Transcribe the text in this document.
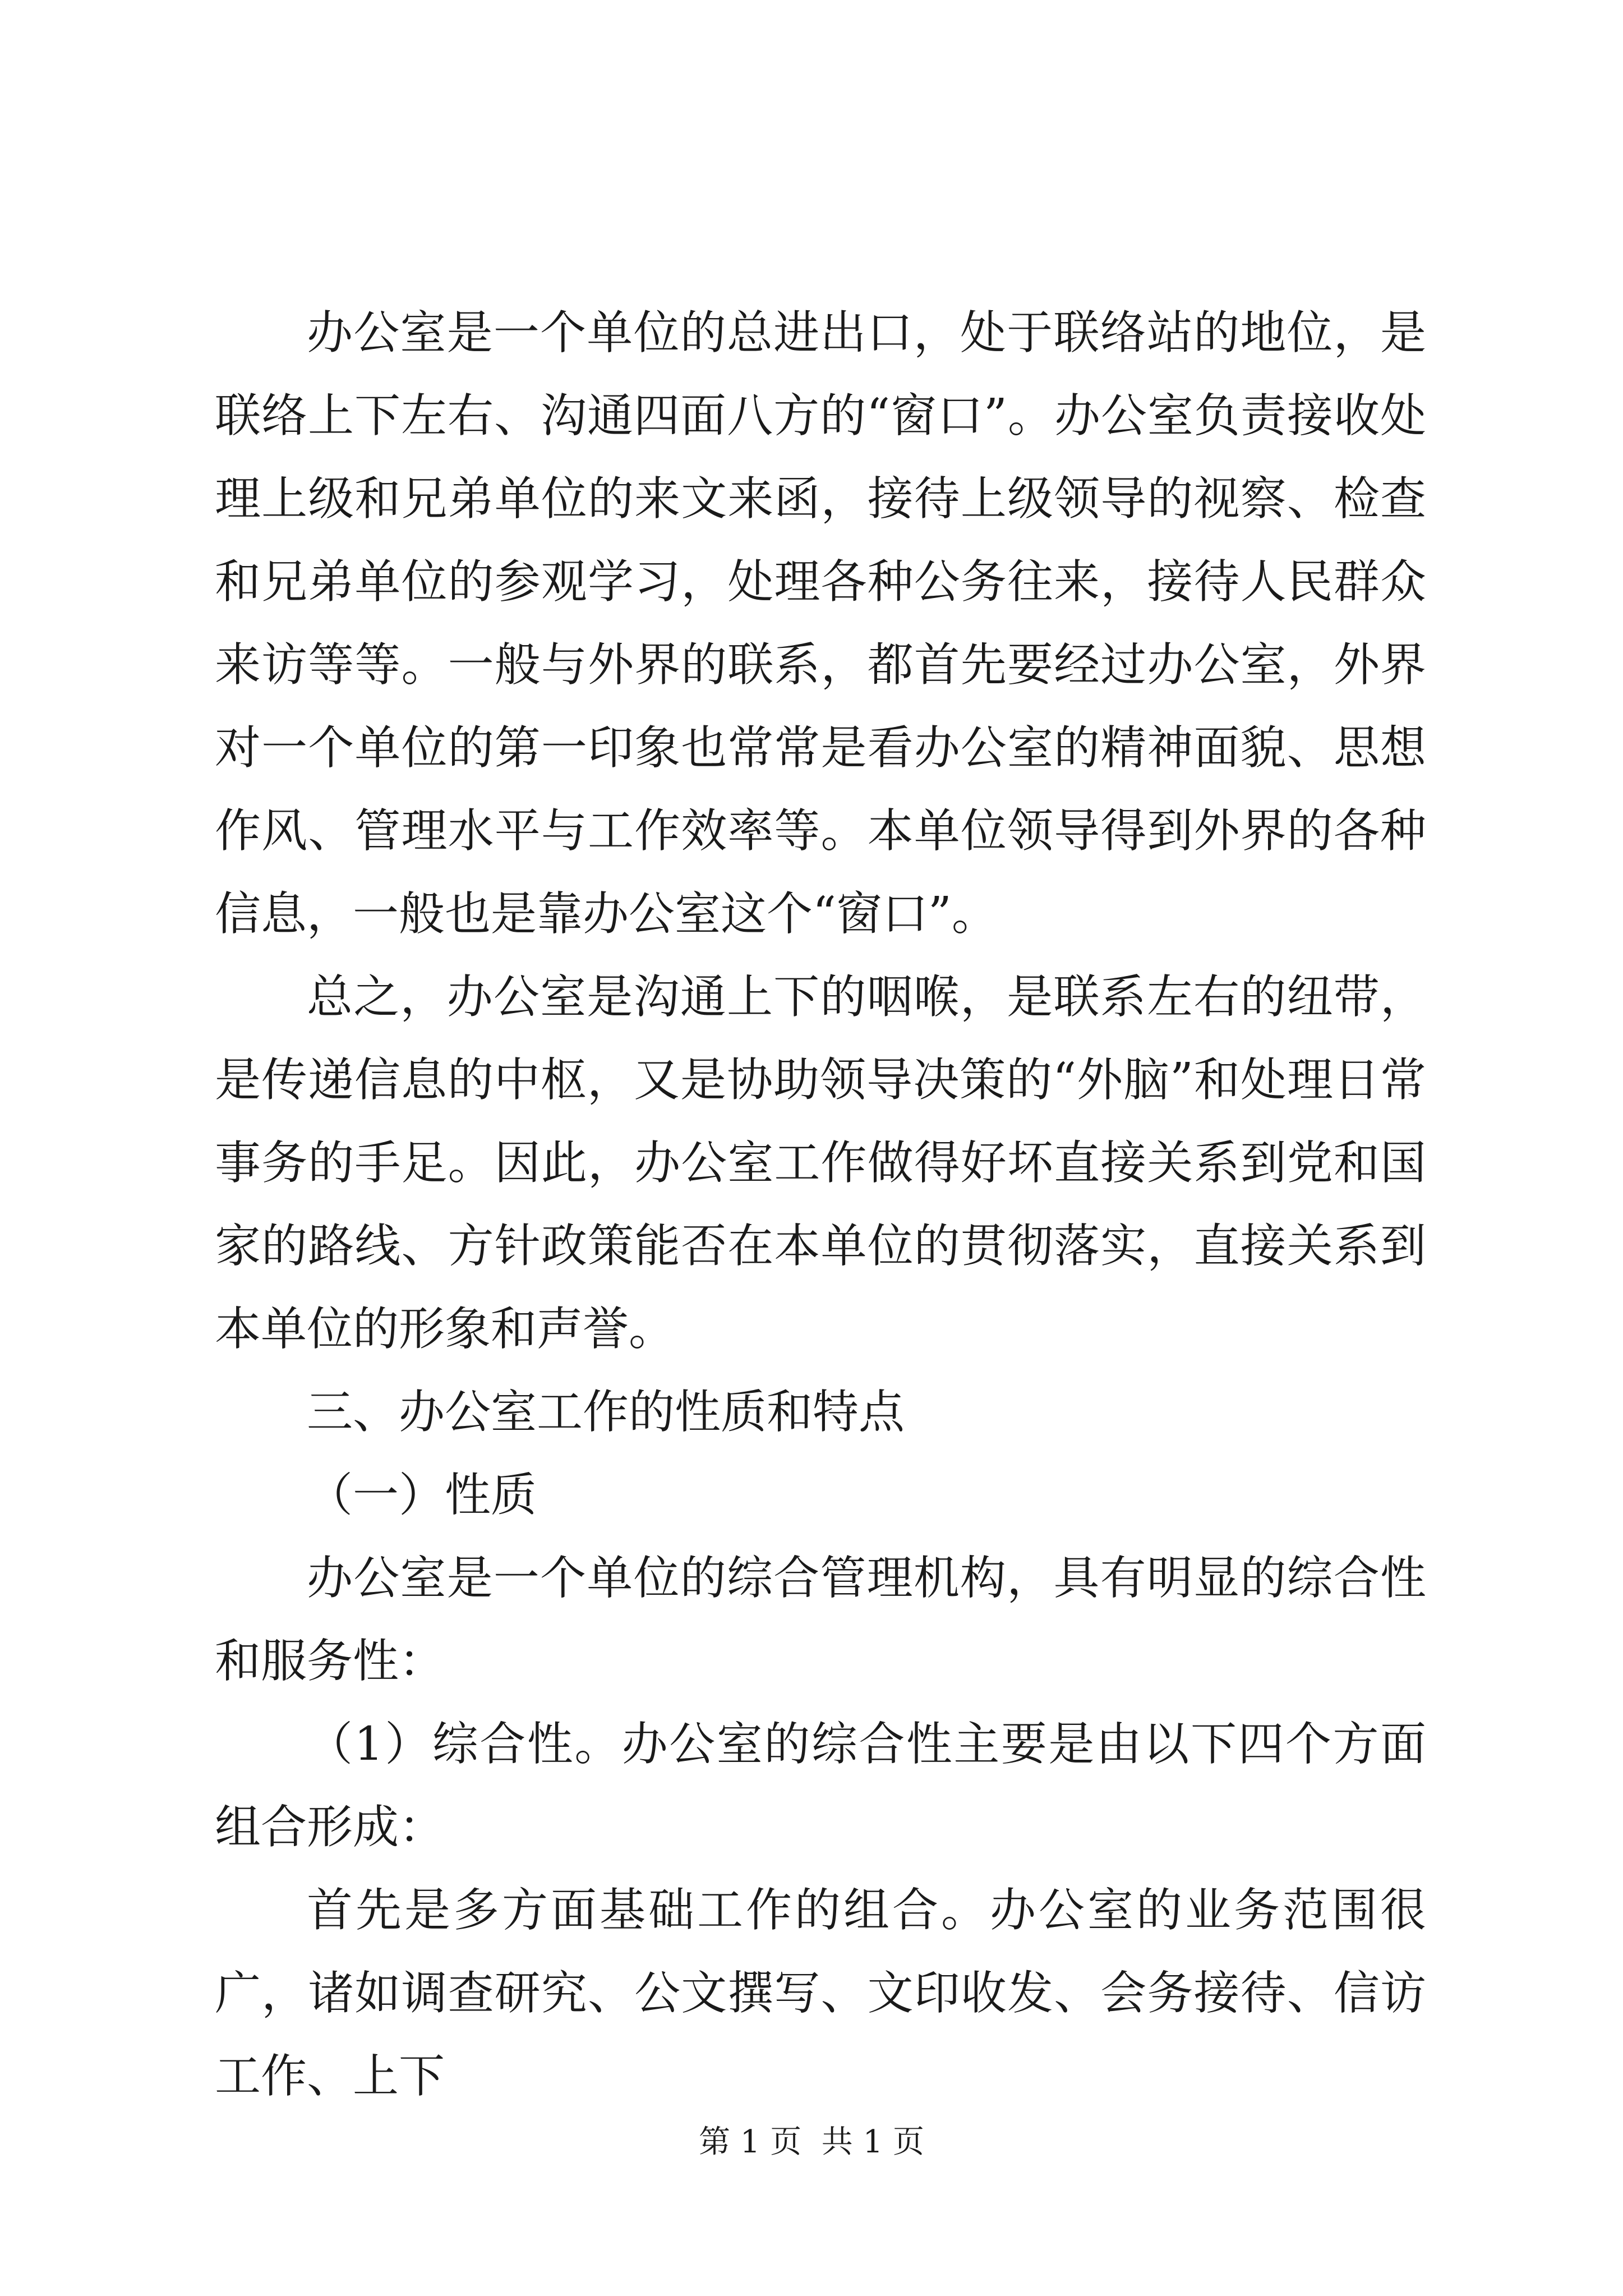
办公室是一个单位的总进出口，处于联络站的地位，是联络上下左右、沟通四面八方的“窗口”。办公室负责接收处理上级和兄弟单位的来文来函，接待上级领导的视察、检查和兄弟单位的参观学习，处理各种公务往来，接待人民群众来访等等。一般与外界的联系，都首先要经过办公室，外界对一个单位的第一印象也常常是看办公室的精神面貌、思想作风、管理水平与工作效率等。本单位领导得到外界的各种信息，一般也是靠办公室这个“窗口”。

总之，办公室是沟通上下的咽喉，是联系左右的纽带，是传递信息的中枢，又是协助领导决策的“外脑”和处理日常事务的手足。因此，办公室工作做得好坏直接关系到党和国家的路线、方针政策能否在本单位的贯彻落实，直接关系到本单位的形象和声誉。

三、办公室工作的性质和特点

（一）性质

办公室是一个单位的综合管理机构，具有明显的综合性和服务性：

（1）综合性。办公室的综合性主要是由以下四个方面组合形成：

首先是多方面基础工作的组合。办公室的业务范围很广，诸如调查研究、公文撰写、文印收发、会务接待、信访工作、上下

第 1 页  共 1 页
